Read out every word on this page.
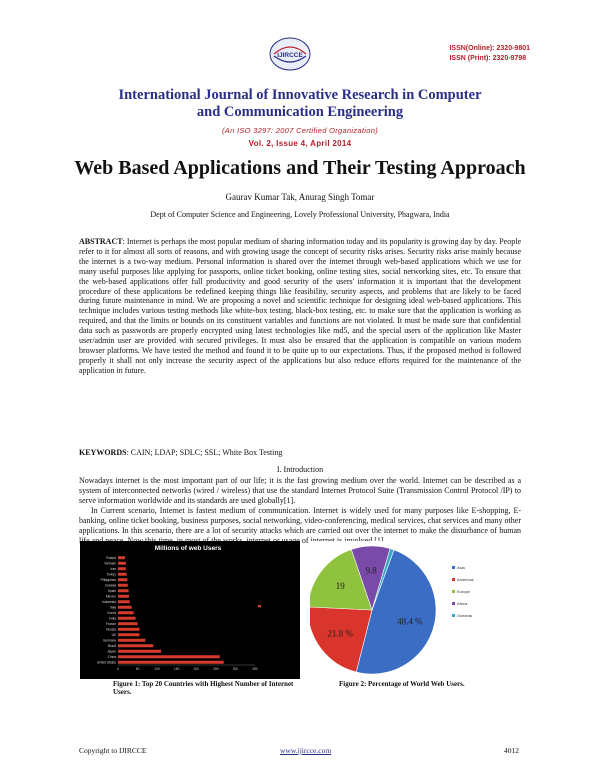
IJIRCCE
ISSN(Online): 2320-9801
ISSN (Print): 2320-9798
International Journal of Innovative Research in Computer
and Communication Engineering
(An ISO 3297: 2007 Certified Organization)
Vol. 2, Issue 4, April 2014
Web Based Applications and Their Testing Approach
Gaurav Kumar Tak, Anurag Singh Tomar
Dept of Computer Science and Engineering, Lovely Professional University, Phagwara, India
ABSTRACT: Internet is perhaps the most popular medium of sharing information today and its popularity is growing day by day. People refer to it for almost all sorts of reasons, and with growing usage the concept of security risks arises. Security risks arise mainly because the internet is a two-way medium. Personal information is shared over the internet through web-based applications which we use for many useful purposes like applying for passports, online ticket booking, online testing sites, social networking sites, etc. To ensure that the web-based applications offer full productivity and good security of the users' information it is important that the development procedure of these applications be redefined keeping things like feasibility, security aspects, and problems that are likely to be faced during future maintenance in mind. We are proposing a novel and scientific technique for designing ideal web-based applications. This technique includes various testing methods like white-box testing, black-box testing, etc. to make sure that the application is working as required, and that the limits or bounds on its constituent variables and functions are not violated. It must be made sure that confidential data such as passwords are properly encrypted using latest technologies like md5, and the special users of the application like Master user/admin user are provided with secured privileges. It must also be ensured that the application is compatible on various modern browser platforms. We have tested the method and found it to be quite up to our expectations. Thus, if the proposed method is followed properly it shall not only increase the security aspect of the applications but also reduce efforts required for the maintenance of the application in future.
KEYWORDS: CAIN; LDAP; SDLC; SSL; White Box Testing
I. Introduction
Nowadays internet is the most important part of our life; it is the fast growing medium over the world. Internet can be described as a system of interconnected networks (wired / wireless) that use the standard Internet Protocol Suite (Transmission Control Protocol /IP) to serve information worldwide and its standards are used globally[1].
In Current scenario, Internet is fastest medium of communication. Internet is widely used for many purposes like E-shopping, E-banking, online ticket booking, business purposes, social networking, video-conferencing, medical services, chat services and many other applications. In this scenario, there are a lot of security attacks which are carried out over the internet to make the disturbance of human life and peace. Now this time, in most of the works, internet or usage of internet is involved [1].
Millions of web Users
United States
China
Japan
Brazil
Germany
UK
Russia
France
India
Korea
Italy
Indonesia
Mexico
Spain
Canada
Philippines
Turkey
Iran
Vietnam
Poland
0	50	100	150	200	250	300	350
48.4 %
21.8 %
19
9.8	Asia
Americas
Europe
Africa
Oceania
Figure 1: Top 20 Countries with Highest Number of Internet Users.
Figure 2: Percentage of World Web Users.
Copyright to IJIRCCE	www.ijircce.com	4012
